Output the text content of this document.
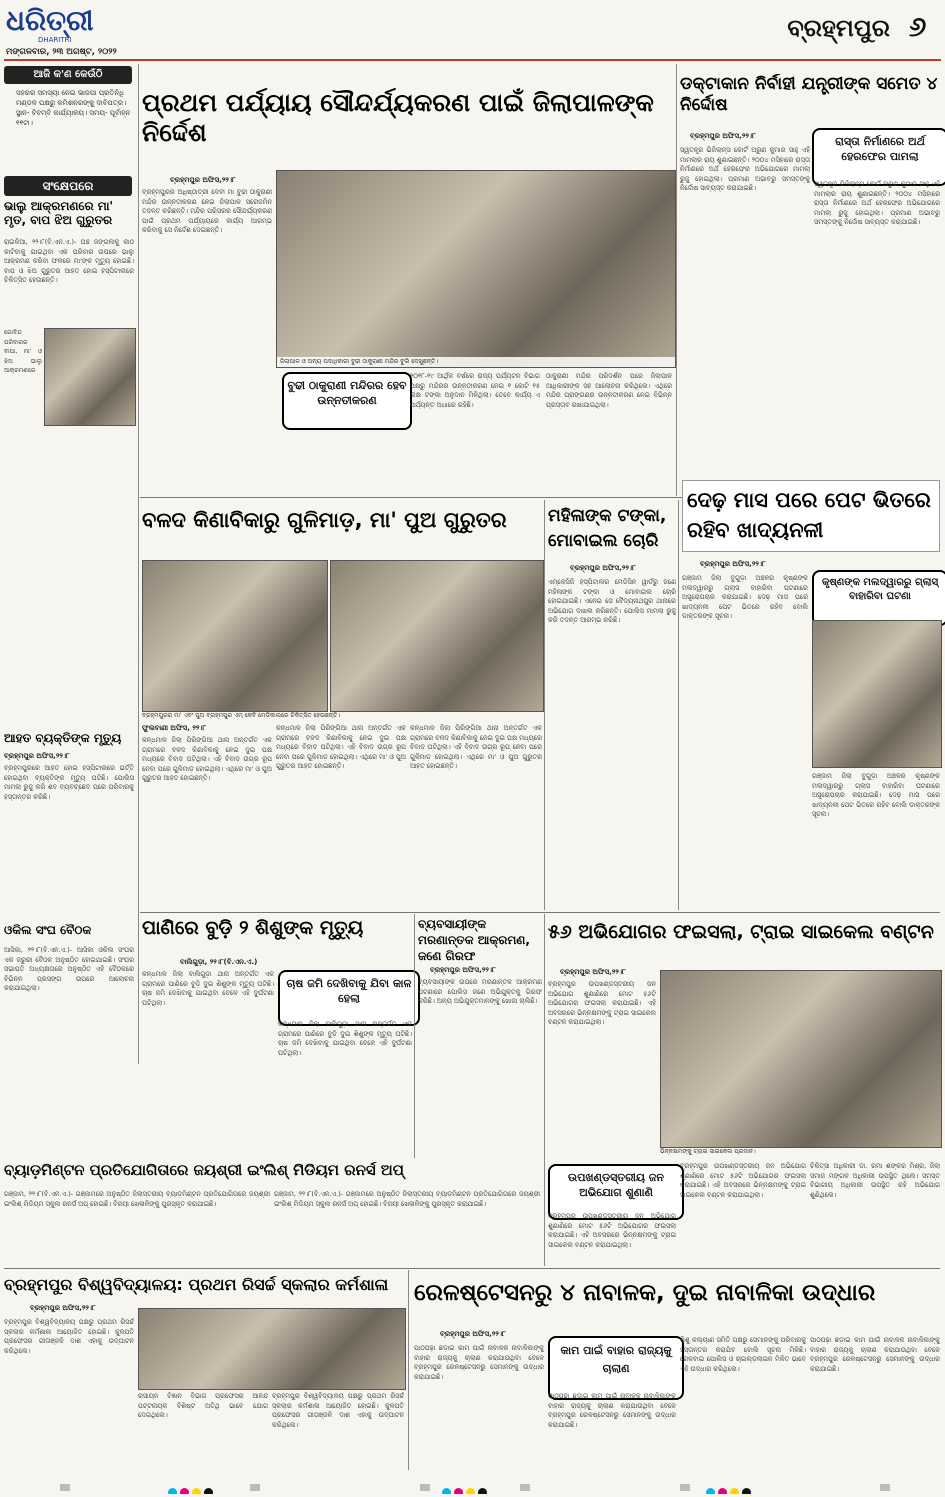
ଧରିତ୍ରୀ
DHARITRI
ମଙ୍ଗଳବାର, ୨୩ ଅଗଷ୍ଟ, ୨୦୨୨
ବ୍ରହ୍ମପୁର ୬
ଆଜି କ'ଣ କେଉଁଠି
ସହରର ସମସ୍ୟା ନେଇ ଭାଜପା ପ୍ରତିନିଧି ମଣ୍ଡଳ ପକ୍ଷରୁ କମିଶନରଙ୍କୁ ଦାବିପତ୍ର। ସ୍ଥାନ- ବିବମ୍ବି କାର୍ଯ୍ୟାଳୟ। ସମୟ- ପୂର୍ବାହ୍ନ ୧୧ଟା।
ସଂକ୍ଷେପରେ
ଭାଲୁ ଆକ୍ରମଣରେ ମା' ମୃତ, ବାପ ଝିଅ ଗୁରୁତର
ରାଇକିଆ, ୨୨।୮(ବି.ଏନ.ଏ.)- ଘଞ୍ଚ ଜଙ୍ଗଲକୁ କାଠ କାଟିବାକୁ ଯାଇଥିବା ଏକ ପରିବାର ଉପରେ ଭାଲୁ ଆକ୍ରମଣ କରିବା ଫଳରେ ମା'ଙ୍କ ମୃତ୍ୟୁ ହୋଇଛି। ବାପ ଓ ଝିଅ ଗୁରୁତର ଆହତ ହୋଇ ହସ୍ପିଟାଲରେ ଚିକିତ୍ସିତ ହେଉଛନ୍ତି।
ଗୋବିନ୍ଦ ପରିବାରର ବାପା, ମା' ଓ ଝିଅ ଭାଲୁ ଆକ୍ରମଣରେ
ଆହତ ବ୍ୟକ୍ତିଙ୍କ ମୃତ୍ୟୁ
ବ୍ରହ୍ମପୁର ଅଫିସ,୨୨।୮
ବ୍ରହ୍ମପୁରରେ ଆହତ ହୋଇ ହସ୍ପିଟାଲରେ ଭର୍ତ୍ତି ହୋଇଥିବା ବ୍ୟକ୍ତିଙ୍କ ମୃତ୍ୟୁ ଘଟିଛି। ପୋଲିସ ମାମଲା ରୁଜୁ କରି ଶବ ବ୍ୟବଚ୍ଛେଦ ପରେ ପରିବାରକୁ ହସ୍ତାନ୍ତର କରିଛି।
ଓକିଲ ସଂଘ ବୈଠକ
ଆସିକା, ୨୨।୮(ବି.ଏନ.ଏ.)- ଆସିକା ଓକିଲ ସଂଘର ଏକ ଜରୁରୀ ବୈଠକ ଅନୁଷ୍ଠିତ ହୋଇଯାଇଛି। ସଂଘର ସଭାପତି ଅଧ୍ୟକ୍ଷତାରେ ଅନୁଷ୍ଠିତ ଏହି ବୈଠକରେ ବିଭିନ୍ନ ପ୍ରସଙ୍ଗ ଉପରେ ଆଲୋଚନା କରାଯାଇଥିଲା।
ପ୍ରଥମ ପର୍ଯ୍ୟାୟ ସୌନ୍ଦର୍ଯ୍ୟକରଣ ପାଇଁ ଜିଲାପାଳଙ୍କ ନିର୍ଦ୍ଦେଶ
ବ୍ରହ୍ମପୁର ଅଫିସ,୨୨।୮
ବ୍ରହ୍ମପୁରର ଅଧିଷ୍ଠାତ୍ରୀ ଦେବୀ ମା ବୁଢୀ ଠାକୁରାଣୀ ମନ୍ଦିର ଉନ୍ନତୀକରଣ ନେଇ ଜିଲାପାଳ ସରେଜମିନ ତଦନ୍ତ କରିଛନ୍ତି। ମନ୍ଦିର ପରିସରର ସୌନ୍ଦର୍ଯ୍ୟକରଣ ପାଇଁ ପ୍ରଥମ ପର୍ଯ୍ୟାୟରେ କାର୍ଯ୍ୟ ଆରମ୍ଭ କରିବାକୁ ସେ ନିର୍ଦ୍ଦେଶ ଦେଇଛନ୍ତି।
ଜିଲାପାଳ ଓ ଅନ୍ୟ ପଦାଧିକାରୀ ବୁଢୀ ଠାକୁରାଣୀ ମନ୍ଦିର ବୁଲି ଦେଖୁଛନ୍ତି।
ବୁଢୀ ଠାକୁରାଣୀ ମନ୍ଦିରର ହେବ ଉନ୍ନତୀକରଣ
୨୦୧୮-୧୯ ଆର୍ଥିକ ବର୍ଷରେ ରାଜ୍ୟ ପର୍ଯ୍ୟଟନ ବିଭାଗ ପକ୍ଷରୁ ମନ୍ଦିରର ଉନ୍ନତୀକରଣ ନେଇ ୧ କୋଟି ୧୫ ଲକ୍ଷ ଟଙ୍କା ଅନୁଦାନ ମିଳିଥିଲା। ତେବେ କାର୍ଯ୍ୟ ଏ ପର୍ଯ୍ୟନ୍ତ ଅଧାରେ ରହିଛି।
ଠାକୁରାଣୀ ମନ୍ଦିର ପରିଦର୍ଶନ ପରେ ଜିଲାପାଳ ଆଧିକାରୀଙ୍କ ସହ ଆଲୋଚନା କରିଥିଲେ। ଏଥିରେ ମନ୍ଦିର ପ୍ରାଙ୍ଗଣର ଉନ୍ନତୀକରଣ ନେଇ ବିଭିନ୍ନ ପ୍ରସ୍ତାବ ରଖାଯାଇଥିଲା।
ଡକ୍ଟାକାନ ନିର୍ବାହୀ ଯନ୍ତ୍ରୀଙ୍କ ସମେତ ୪ ନିର୍ଦ୍ଦୋଷ
ବ୍ରହ୍ମପୁର ଅଫିସ,୨୨।୮	ରାସ୍ତା ନିର୍ମାଣରେ ଅର୍ଥ ହେରଫେର ପାମଲା
ସ୍ୱତନ୍ତ୍ର ଭିଜିଲାନ୍ସ କୋର୍ଟ ଅରୁଣ କୁମାର ସାହୁ ଏହି ମାମଲାର ରାୟ ଶୁଣାଇଛନ୍ତି। ୨୦୦୪ ମସିହାରେ ରାସ୍ତା ନିର୍ମାଣରେ ଅର୍ଥ ହେରଫେର ଅଭିଯୋଗରେ ମାମଲା ରୁଜୁ ହୋଇଥିଲା। ପ୍ରମାଣ ଅଭାବରୁ ସମସ୍ତଙ୍କୁ ନିର୍ଦ୍ଦୋଷ ସାବ୍ୟସ୍ତ କରାଯାଇଛି।
ସ୍ୱତନ୍ତ୍ର ଭିଜିଲାନ୍ସ କୋର୍ଟ ଅରୁଣ କୁମାର ସାହୁ ଏହି ମାମଲାର ରାୟ ଶୁଣାଇଛନ୍ତି। ୨୦୦୪ ମସିହାରେ ରାସ୍ତା ନିର୍ମାଣରେ ଅର୍ଥ ହେରଫେର ଅଭିଯୋଗରେ ମାମଲା ରୁଜୁ ହୋଇଥିଲା। ପ୍ରମାଣ ଅଭାବରୁ ସମସ୍ତଙ୍କୁ ନିର୍ଦ୍ଦୋଷ ସାବ୍ୟସ୍ତ କରାଯାଇଛି।
ବଳଦ କିଣାବିକାରୁ ଗୁଳିମାଡ଼, ମା' ପୁଅ ଗୁରୁତର
ବ୍ରହ୍ମପୁରର ମା' ଏବଂ ପୁଅ ବ୍ରହ୍ମପୁର ଏମ୍ କେବି ମେଡିକାଲରେ ଚିକିତ୍ସିତ ହେଉଛନ୍ତି।
ଫୁଲବାଣୀ ଅଫିସ, ୨୨।୮
କନ୍ଧମାଳ ଜିଲା ପିରିଙ୍ଗିଆ ଥାନା ଅନ୍ତର୍ଗତ ଏକ ଗ୍ରାମରେ ବଳଦ କିଣାବିକାକୁ ନେଇ ଦୁଇ ପକ୍ଷ ମଧ୍ୟରେ ବିବାଦ ଘଟିଥିଲା। ଏହି ବିବାଦ ଉଗ୍ର ରୂପ ନେବା ପରେ ଗୁଳିମାଡ଼ ହୋଇଥିଲା। ଏଥିରେ ମା' ଓ ପୁଅ ଗୁରୁତର ଆହତ ହୋଇଛନ୍ତି।
କନ୍ଧମାଳ ଜିଲା ପିରିଙ୍ଗିଆ ଥାନା ଅନ୍ତର୍ଗତ ଏକ ଗ୍ରାମରେ ବଳଦ କିଣାବିକାକୁ ନେଇ ଦୁଇ ପକ୍ଷ ମଧ୍ୟରେ ବିବାଦ ଘଟିଥିଲା। ଏହି ବିବାଦ ଉଗ୍ର ରୂପ ନେବା ପରେ ଗୁଳିମାଡ଼ ହୋଇଥିଲା। ଏଥିରେ ମା' ଓ ପୁଅ ଗୁରୁତର ଆହତ ହୋଇଛନ୍ତି।
କନ୍ଧମାଳ ଜିଲା ପିରିଙ୍ଗିଆ ଥାନା ଅନ୍ତର୍ଗତ ଏକ ଗ୍ରାମରେ ବଳଦ କିଣାବିକାକୁ ନେଇ ଦୁଇ ପକ୍ଷ ମଧ୍ୟରେ ବିବାଦ ଘଟିଥିଲା। ଏହି ବିବାଦ ଉଗ୍ର ରୂପ ନେବା ପରେ ଗୁଳିମାଡ଼ ହୋଇଥିଲା। ଏଥିରେ ମା' ଓ ପୁଅ ଗୁରୁତର ଆହତ ହୋଇଛନ୍ତି।
ମହିଳାଙ୍କ ଟଙ୍କା, ମୋବାଇଲ ଚୋରି
ବ୍ରହ୍ମପୁର ଅଫିସ,୨୨।୮
ଏମ୍‌କେସିଜି ହସ୍ପିଟାଲର ମେଡିସିନ ୱାର୍ଡରୁ ଜଣେ ମହିଳାଙ୍କ ଟଙ୍କା ଓ ମୋବାଇଲ ଚୋରି ହୋଇଯାଇଛି। ଏନେଇ ସେ ବୈଦ୍ୟନାଥପୁର ଥାନାରେ ଅଭିଯୋଗ ଦାଖଲ କରିଛନ୍ତି। ପୋଲିସ ମାମଲା ରୁଜୁ କରି ତଦନ୍ତ ଆରମ୍ଭ କରିଛି।
ଦେଢ଼ ମାସ ପରେ ପେଟ ଭିତରେ ରହିବ ଖାଦ୍ୟନଳୀ
ବ୍ରହ୍ମପୁର ଅଫିସ,୨୨।୮
କୃଷ୍ଣଙ୍କ ମଲଦ୍ୱାରରୁ ଗ୍ଲାସ୍ ବାହାରିବା ଘଟଣା
ଗଞ୍ଜାମ ଜିଲା ବୁଗୁଡ଼ା ଅଞ୍ଚଳର କୃଷ୍ଣଙ୍କ ମଲଦ୍ୱାରରୁ ଗ୍ଲାସ ବାହାରିବା ଘଟଣାରେ ଅସ୍ତ୍ରୋପଚାର କରାଯାଇଛି। ଦେଢ଼ ମାସ ପରେ ଖାଦ୍ୟନଳୀ ପେଟ ଭିତରେ ରହିବ ବୋଲି ଡାକ୍ତରଙ୍କ ସୂଚନା।
ଗଞ୍ଜାମ ଜିଲା ବୁଗୁଡ଼ା ଅଞ୍ଚଳର କୃଷ୍ଣଙ୍କ ମଲଦ୍ୱାରରୁ ଗ୍ଲାସ ବାହାରିବା ଘଟଣାରେ ଅସ୍ତ୍ରୋପଚାର କରାଯାଇଛି। ଦେଢ଼ ମାସ ପରେ ଖାଦ୍ୟନଳୀ ପେଟ ଭିତରେ ରହିବ ବୋଲି ଡାକ୍ତରଙ୍କ ସୂଚନା।
ପାଣିରେ ବୁଡ଼ି ୨ ଶିଶୁଙ୍କ ମୃତ୍ୟୁ
ବାଲିଗୁଡ଼ା, ୨୨।୮(ବି.ଏନ.ଏ.)
କନ୍ଧମାଳ ଜିଲା ବାଲିଗୁଡ଼ା ଥାନା ଅନ୍ତର୍ଗତ ଏକ ଗ୍ରାମରେ ପାଣିରେ ବୁଡ଼ି ଦୁଇ ଶିଶୁଙ୍କ ମୃତ୍ୟୁ ଘଟିଛି। ଚାଷ ଜମି ଦେଖିବାକୁ ଯାଇଥିବା ବେଳେ ଏହି ଦୁର୍ଘଟଣା ଘଟିଥିଲା।
ଚାଷ ଜମି ଦେଖିବାକୁ ଯିବା କାଳ ହେଲା
କନ୍ଧମାଳ ଜିଲା ବାଲିଗୁଡ଼ା ଥାନା ଅନ୍ତର୍ଗତ ଏକ ଗ୍ରାମରେ ପାଣିରେ ବୁଡ଼ି ଦୁଇ ଶିଶୁଙ୍କ ମୃତ୍ୟୁ ଘଟିଛି। ଚାଷ ଜମି ଦେଖିବାକୁ ଯାଇଥିବା ବେଳେ ଏହି ଦୁର୍ଘଟଣା ଘଟିଥିଲା।
ବ୍ୟବସାୟୀଙ୍କ ମରଣାନ୍ତକ ଆକ୍ରମଣ, ଜଣେ ଗିରଫ
ବ୍ରହ୍ମପୁର ଅଫିସ,୨୨।୮
ବ୍ୟବସାୟୀଙ୍କ ଉପରେ ମରଣାନ୍ତକ ଆକ୍ରମଣ ଘଟଣାରେ ପୋଲିସ ଜଣେ ଅଭିଯୁକ୍ତକୁ ଗିରଫ କରିଛି। ଅନ୍ୟ ଅଭିଯୁକ୍ତମାନଙ୍କୁ ଖୋଜା ଚାଲିଛି।
୫୬ ଅଭିଯୋଗର ଫଇସଲା, ଟ୍ରାଇ ସାଇକେଲ ବଣ୍ଟନ
ବ୍ରହ୍ମପୁର ଅଫିସ,୨୨।୮
ବ୍ରହ୍ମପୁର ଉପଖଣ୍ଡସ୍ତରୀୟ ଜନ ଅଭିଯୋଗ ଶୁଣାଣିରେ ମୋଟ ୫୬ଟି ଅଭିଯୋଗର ଫଇସଲା କରାଯାଇଛି। ଏହି ଅବସରରେ ଭିନ୍ନକ୍ଷମଙ୍କୁ ଟ୍ରାଇ ସାଇକେଲ ବଣ୍ଟନ କରାଯାଇଥିଲା।
ଭିନ୍ନକ୍ଷମଙ୍କୁ ଟ୍ରାଇ ସାଇକେଲ ପ୍ରଦାନ।
ବ୍ୟାଡ଼ମିଣ୍ଟନ ପ୍ରତିଯୋଗିତାରେ ଜୟଶ୍ରୀ ଇଂଲିଶ୍ ମିଡିୟମ ରନର୍ସ ଅପ୍
ଗଞ୍ଜାମ, ୨୨।୮(ବି.ଏନ.ଏ.)- ଗଞ୍ଜାମରେ ଅନୁଷ୍ଠିତ ଜିଲାସ୍ତରୀୟ ବ୍ୟାଡ଼ମିଣ୍ଟନ ପ୍ରତିଯୋଗିତାରେ ଜୟଶ୍ରୀ ଇଂଲିଶ୍ ମିଡିୟମ ସ୍କୁଲ ରନର୍ସ ଅପ୍ ହୋଇଛି। ବିଜୟୀ ଖେଳାଳିଙ୍କୁ ପୁରସ୍କୃତ କରାଯାଇଛି।
ଗଞ୍ଜାମ, ୨୨।୮(ବି.ଏନ.ଏ.)- ଗଞ୍ଜାମରେ ଅନୁଷ୍ଠିତ ଜିଲାସ୍ତରୀୟ ବ୍ୟାଡ଼ମିଣ୍ଟନ ପ୍ରତିଯୋଗିତାରେ ଜୟଶ୍ରୀ ଇଂଲିଶ୍ ମିଡିୟମ ସ୍କୁଲ ରନର୍ସ ଅପ୍ ହୋଇଛି। ବିଜୟୀ ଖେଳାଳିଙ୍କୁ ପୁରସ୍କୃତ କରାଯାଇଛି।
ଉପଖଣ୍ଡସ୍ତରୀୟ ଜନ ଅଭିଯୋଗ ଶୁଣାଣି
ବ୍ରହ୍ମପୁର ଉପଖଣ୍ଡସ୍ତରୀୟ ଜନ ଅଭିଯୋଗ ଶୁଣାଣିରେ ମୋଟ ୫୬ଟି ଅଭିଯୋଗର ଫଇସଲା କରାଯାଇଛି। ଏହି ଅବସରରେ ଭିନ୍ନକ୍ଷମଙ୍କୁ ଟ୍ରାଇ ସାଇକେଲ ବଣ୍ଟନ କରାଯାଇଥିଲା।
ଚିକିତ୍ସା ଅଧିକାରୀ ଡା. ରମା ଶଙ୍କର ମିଶ୍ର, ଜିଲା ସମାଜ ମଙ୍ଗଳ ଅଧିକାରୀ ଉପସ୍ଥିତ ଥିଲେ। ସମସ୍ତ ବିଭାଗୀୟ ଅଧିକାରୀ ଉପସ୍ଥିତ ରହି ଅଭିଯୋଗ ଶୁଣିଥିଲେ।
ବ୍ରହ୍ମପୁର ଉପଖଣ୍ଡସ୍ତରୀୟ ଜନ ଅଭିଯୋଗ ଶୁଣାଣିରେ ମୋଟ ୫୬ଟି ଅଭିଯୋଗର ଫଇସଲା କରାଯାଇଛି। ଏହି ଅବସରରେ ଭିନ୍ନକ୍ଷମଙ୍କୁ ଟ୍ରାଇ ସାଇକେଲ ବଣ୍ଟନ କରାଯାଇଥିଲା।
ବ୍ରହ୍ମପୁର ବିଶ୍ୱବିଦ୍ୟାଳୟ: ପ୍ରଥମ ରିସର୍ଚ୍ଚ ସ୍କଲାର କର୍ମଶାଳା
ବ୍ରହ୍ମପୁର ଅଫିସ,୨୨।୮
ବ୍ରହ୍ମପୁର ବିଶ୍ୱବିଦ୍ୟାଳୟ ପକ୍ଷରୁ ପ୍ରଥମ ରିସର୍ଚ୍ଚ ସ୍କଲାର କର୍ମଶାଳା ଆୟୋଜିତ ହୋଇଛି। କୁଳପତି ପ୍ରଫେସର ଗୀତାଞ୍ଜଳି ଦାଶ ଏହାକୁ ଉଦ୍‌ଘାଟନ କରିଥିଲେ।
ରସାୟନ ବିଜ୍ଞାନ ବିଭାଗ ପ୍ରଫେସର ଆନନ୍ଦ ପଟ୍ଟନାୟକ ବିଶିଷ୍ଟ ଅତିଥି ଭାବେ ଯୋଗ ଦେଇଥିଲେ।
ବ୍ରହ୍ମପୁର ବିଶ୍ୱବିଦ୍ୟାଳୟ ପକ୍ଷରୁ ପ୍ରଥମ ରିସର୍ଚ୍ଚ ସ୍କଲାର କର୍ମଶାଳା ଆୟୋଜିତ ହୋଇଛି। କୁଳପତି ପ୍ରଫେସର ଗୀତାଞ୍ଜଳି ଦାଶ ଏହାକୁ ଉଦ୍‌ଘାଟନ କରିଥିଲେ।
ରେଳଷ୍ଟେସନରୁ ୪ ନାବାଳକ, ଦୁଇ ନାବାଳିକା ଉଦ୍ଧାର
ବ୍ରହ୍ମପୁର ଅଫିସ,୨୨।୮
ପାଠପଢ଼ା ଛଡ଼ାଇ କାମ ପାଇଁ ନାବାଳକ ନାବାଳିକାଙ୍କୁ ବାହାର ରାଜ୍ୟକୁ ଚାଲାଣ କରାଯାଉଥିବା ବେଳେ ବ୍ରହ୍ମପୁର ରେଳଷ୍ଟେସନରୁ ସେମାନଙ୍କୁ ଉଦ୍ଧାର କରାଯାଇଛି।
କାମ ପାଇଁ ବାହାର ରାଜ୍ୟକୁ ଚାଲାଣ
ପାଠପଢ଼ା ଛଡ଼ାଇ କାମ ପାଇଁ ନାବାଳକ ନାବାଳିକାଙ୍କୁ ବାହାର ରାଜ୍ୟକୁ ଚାଲାଣ କରାଯାଉଥିବା ବେଳେ ବ୍ରହ୍ମପୁର ରେଳଷ୍ଟେସନରୁ ସେମାନଙ୍କୁ ଉଦ୍ଧାର କରାଯାଇଛି।
ଶିଶୁ କଲ୍ୟାଣ ସମିତି ପକ୍ଷରୁ ସେମାନଙ୍କୁ ପରିବାରକୁ ହସ୍ତାନ୍ତର କରାଯିବ ବୋଲି ସୂଚନା ମିଳିଛି। ରେଳବାଇ ପୋଲିସ ଓ ଚାଇଲ୍ଡଲାଇନ ମିଳିତ ଭାବେ ଏହି ଉଦ୍ଧାର କରିଥିଲେ।
ପାଠପଢ଼ା ଛଡ଼ାଇ କାମ ପାଇଁ ନାବାଳକ ନାବାଳିକାଙ୍କୁ ବାହାର ରାଜ୍ୟକୁ ଚାଲାଣ କରାଯାଉଥିବା ବେଳେ ବ୍ରହ୍ମପୁର ରେଳଷ୍ଟେସନରୁ ସେମାନଙ୍କୁ ଉଦ୍ଧାର କରାଯାଇଛି।
